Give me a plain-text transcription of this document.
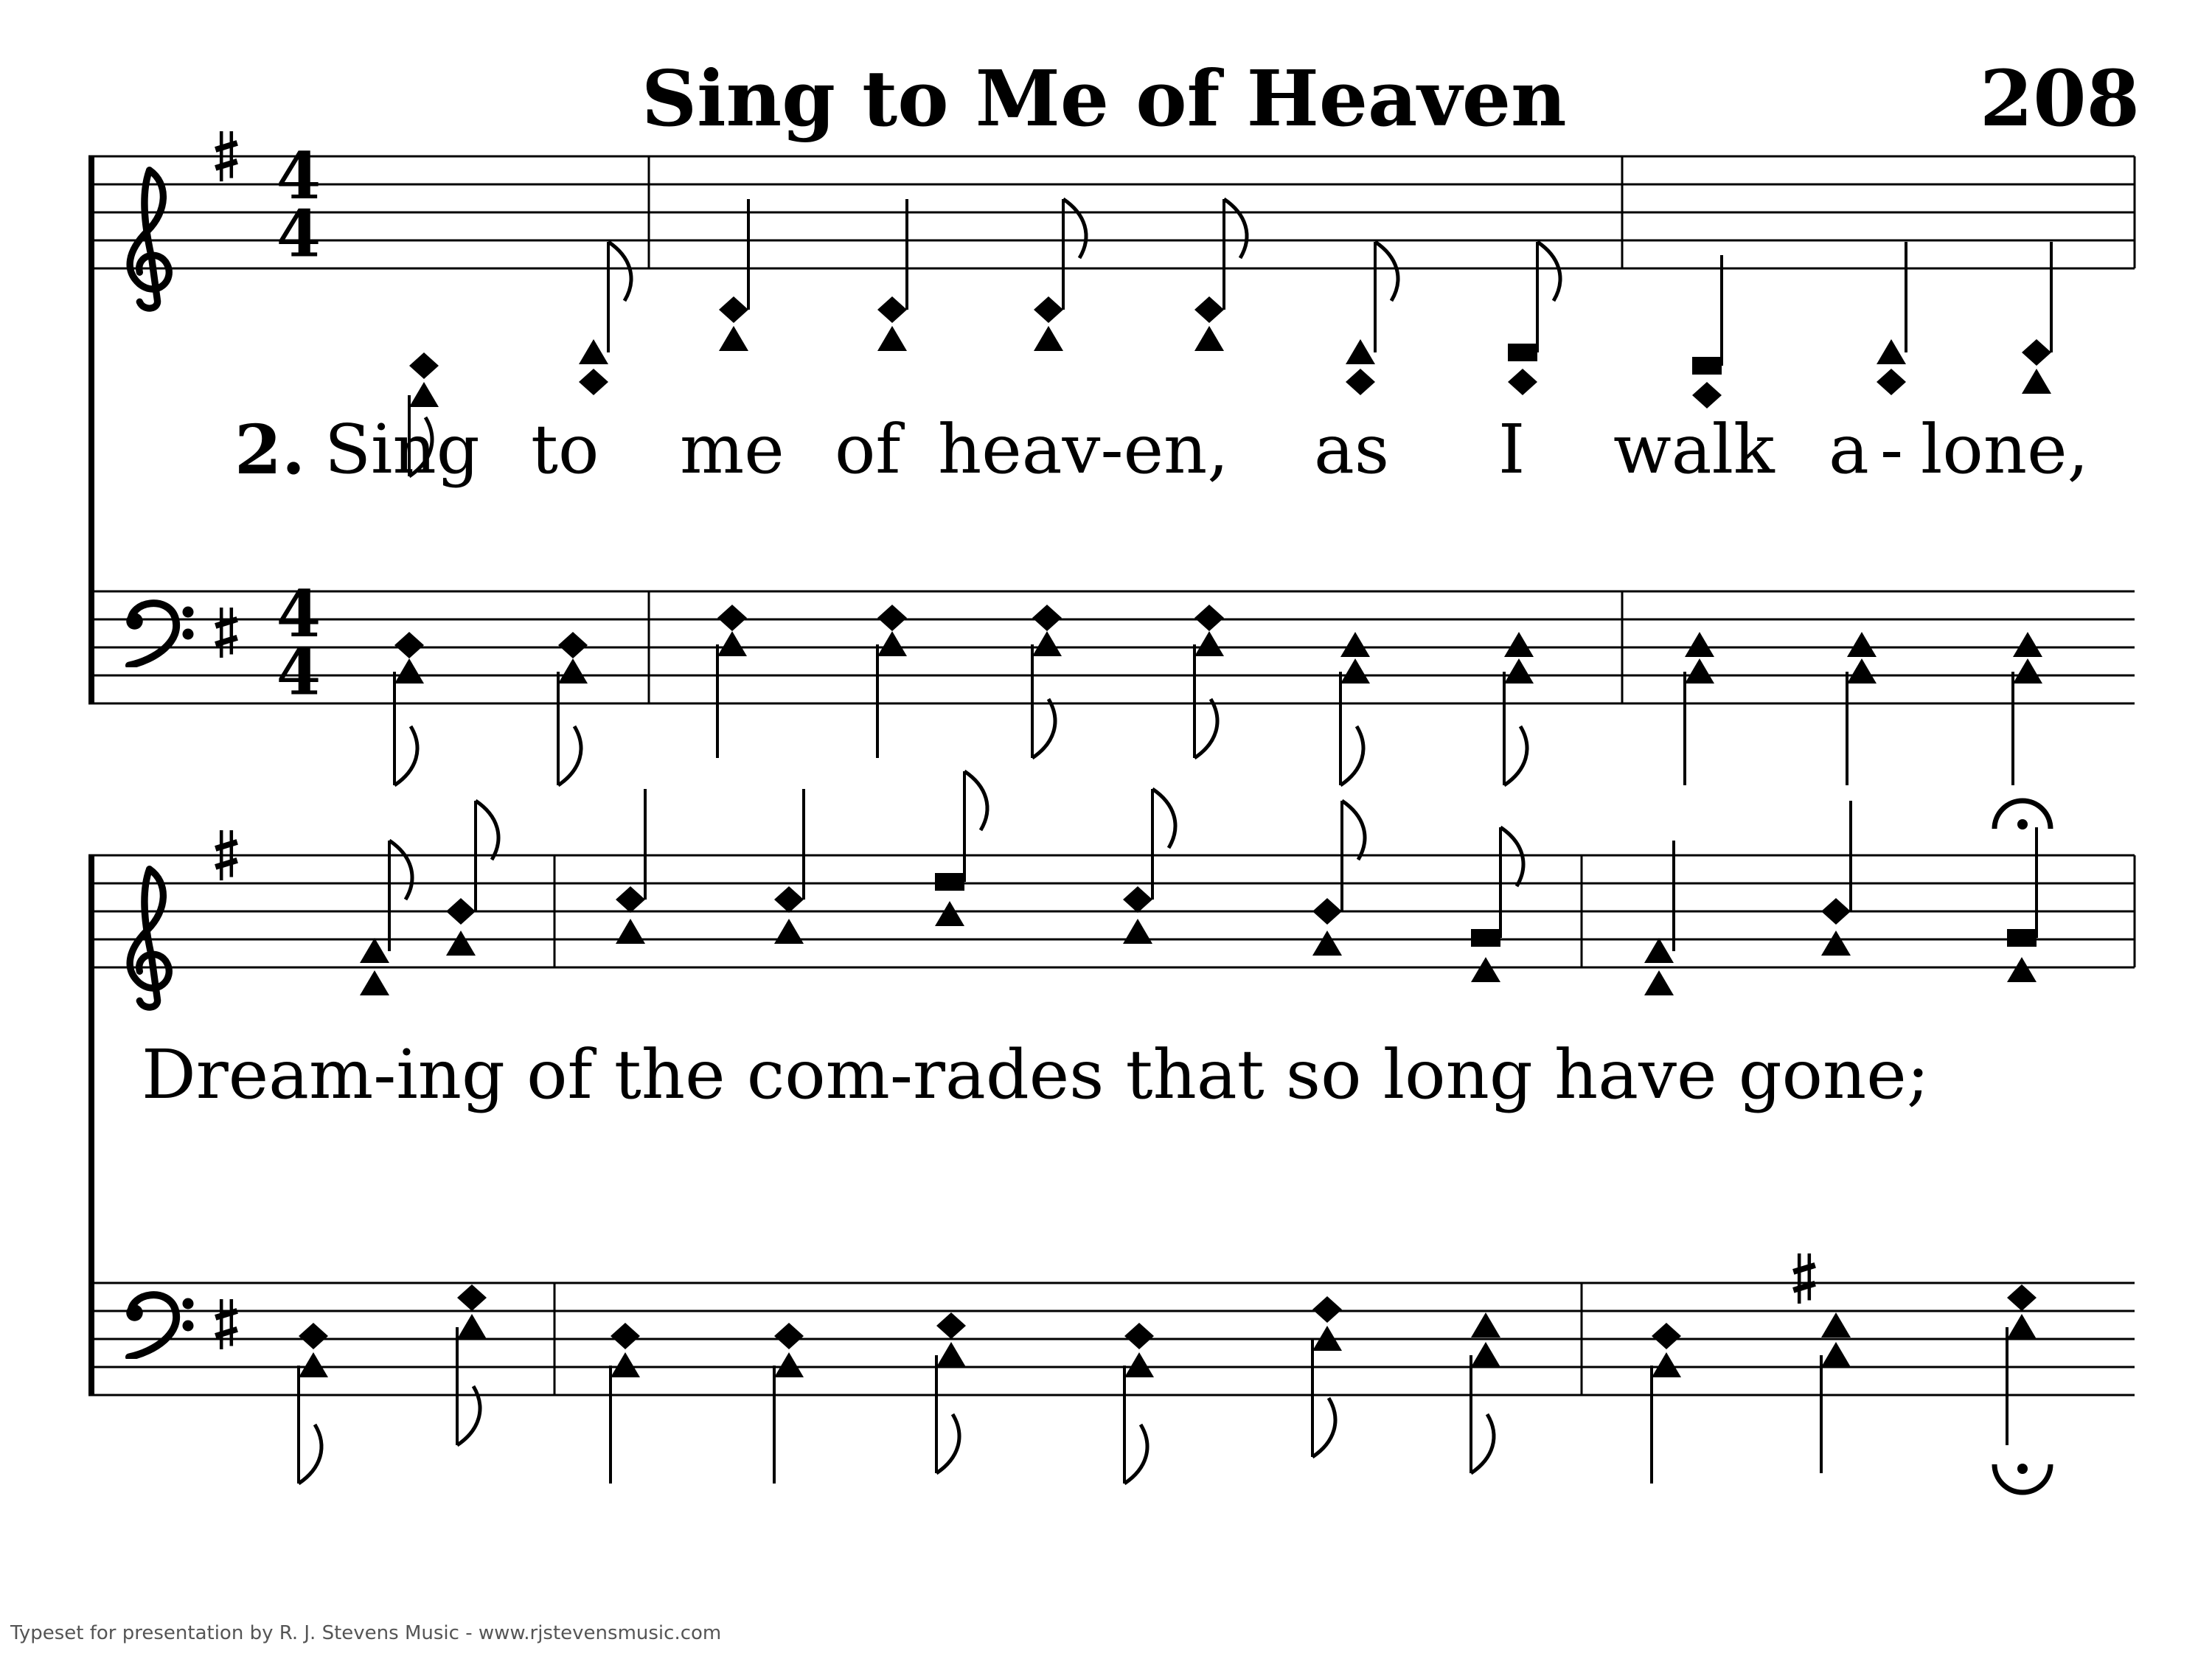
208
Sing to Me of Heaven
2. Sing to me of heav-en, as I walk a - lone,
Dream-ing of the com-rades that so long have gone;
Typeset for presentation by R. J. Stevens Music - www.rjstevensmusic.com
